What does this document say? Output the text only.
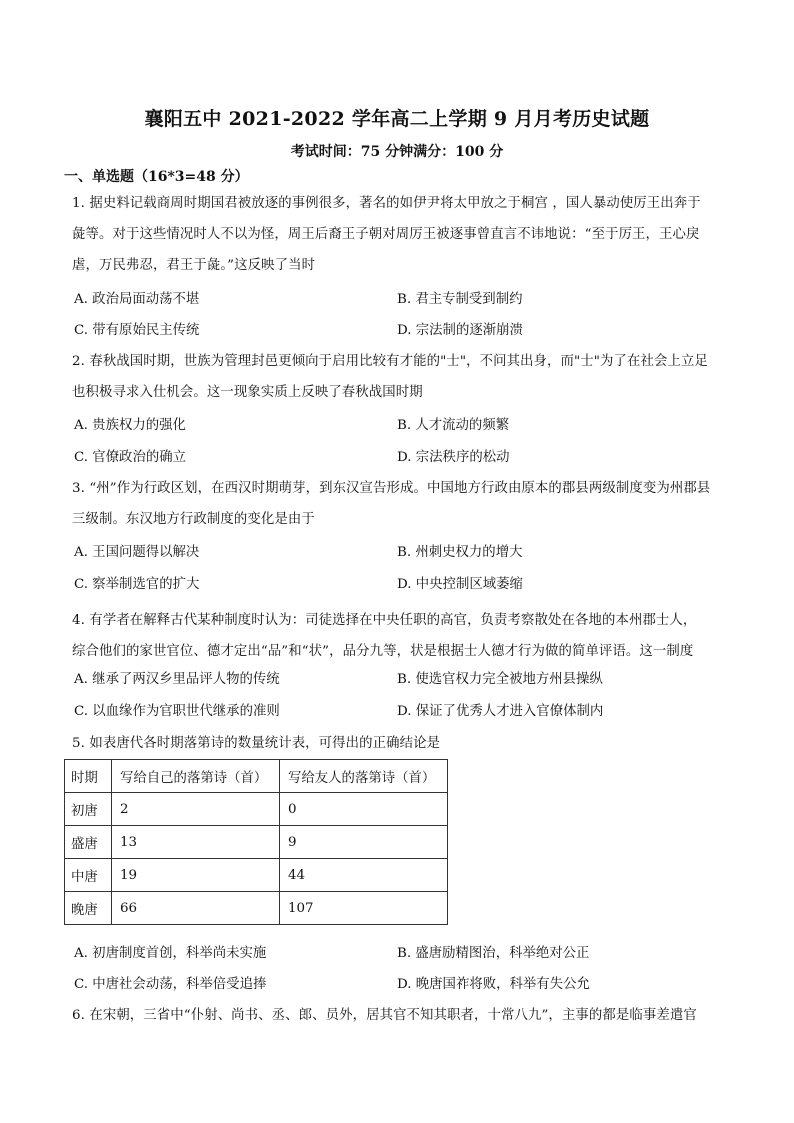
襄阳五中 2021-2022 学年高二上学期 9 月月考历史试题
考试时间：75 分钟满分：100 分
一、单选题（16*3=48 分）
1. 据史料记载商周时期国君被放逐的事例很多，著名的如伊尹将太甲放之于桐宫 ，国人暴动使厉王出奔于
彘等。对于这些情况时人不以为怪，周王后裔王子朝对周厉王被逐事曾直言不讳地说：“至于厉王，王心戾
虐，万民弗忍，君王于彘。”这反映了当时
A. 政治局面动荡不堪	B. 君主专制受到制约
C. 带有原始民主传统	D. 宗法制的逐渐崩溃
2. 春秋战国时期，世族为管理封邑更倾向于启用比较有才能的"士"，不问其出身，而"士"为了在社会上立足
也积极寻求入仕机会。这一现象实质上反映了春秋战国时期
A. 贵族权力的强化	B. 人才流动的频繁
C. 官僚政治的确立	D. 宗法秩序的松动
3. “州”作为行政区划，在西汉时期萌芽，到东汉宣告形成。中国地方行政由原本的郡县两级制度变为州郡县
三级制。东汉地方行政制度的变化是由于
A. 王国问题得以解决	B. 州刺史权力的增大
C. 察举制选官的扩大	D. 中央控制区域萎缩
4. 有学者在解释古代某种制度时认为：司徒选择在中央任职的高官，负责考察散处在各地的本州郡士人，
综合他们的家世官位、德才定出“品”和“状”，品分九等，状是根据士人德才行为做的简单评语。这一制度
A. 继承了两汉乡里品评人物的传统	B. 使选官权力完全被地方州县操纵
C. 以血缘作为官职世代继承的准则	D. 保证了优秀人才进入官僚体制内
5. 如表唐代各时期落第诗的数量统计表，可得出的正确结论是
时期	写给自己的落第诗（首）	写给友人的落第诗（首）
初唐	2	0
盛唐	13	9
中唐	19	44
晚唐	66	107
A. 初唐制度首创，科举尚未实施	B. 盛唐励精图治，科举绝对公正
C. 中唐社会动荡，科举倍受追捧	D. 晚唐国祚将败，科举有失公允
6. 在宋朝，三省中“仆射、尚书、丞、郎、员外，居其官不知其职者，十常八九”，主事的都是临事差遣官
